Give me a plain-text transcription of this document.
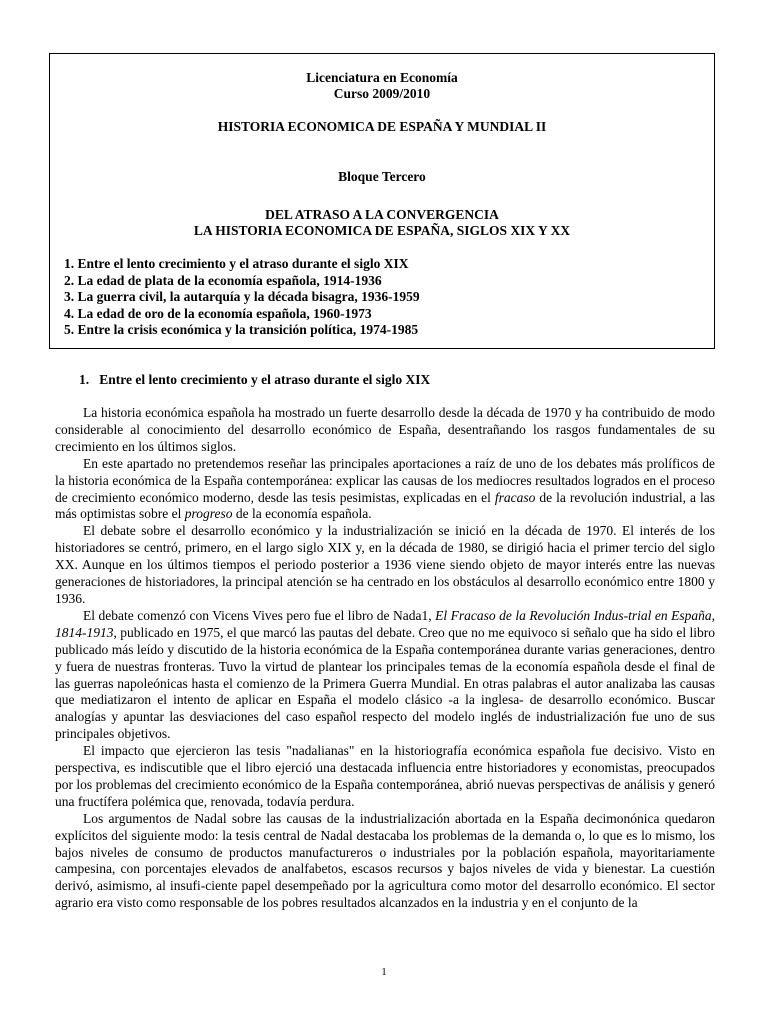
Licenciatura en Economía
Curso 2009/2010
HISTORIA ECONOMICA DE ESPAÑA Y MUNDIAL II
Bloque Tercero
DEL ATRASO A LA CONVERGENCIA
LA HISTORIA ECONOMICA DE ESPAÑA, SIGLOS XIX Y XX
1. Entre el lento crecimiento y el atraso durante el siglo XIX
2. La edad de plata de la economía española, 1914-1936
3. La guerra civil, la autarquía y la década bisagra, 1936-1959
4. La edad de oro de la economía española, 1960-1973
5. Entre la crisis económica y la transición política, 1974-1985
1.   Entre el lento crecimiento y el atraso durante el siglo XIX

La historia económica española ha mostrado un fuerte desarrollo desde la década de 1970 y ha contribuido de modo considerable al conocimiento del desarrollo económico de España, desentrañando los rasgos fundamentales de su crecimiento en los últimos siglos.

En este apartado no pretendemos reseñar las principales aportaciones a raíz de uno de los debates más prolíficos de la historia económica de la España contemporánea: explicar las causas de los mediocres resultados logrados en el proceso de crecimiento económico moderno, desde las tesis pesimistas, explicadas en el fracaso de la revolución industrial, a las más optimistas sobre el progreso de la economía española.

El debate sobre el desarrollo económico y la industrialización se inició en la década de 1970. El interés de los historiadores se centró, primero, en el largo siglo XIX y, en la década de 1980, se dirigió hacia el primer tercio del siglo XX. Aunque en los últimos tiempos el periodo posterior a 1936 viene siendo objeto de mayor interés entre las nuevas generaciones de historiadores, la principal atención se ha centrado en los obstáculos al desarrollo económico entre 1800 y 1936.

El debate comenzó con Vicens Vives pero fue el libro de Nada1, El Fracaso de la Revolución Indus-trial en España, 1814-1913, publicado en 1975, el que marcó las pautas del debate. Creo que no me equivoco si señalo que ha sido el libro publicado más leído y discutido de la historia económica de la España contemporánea durante varias generaciones, dentro y fuera de nuestras fronteras. Tuvo la virtud de plantear los principales temas de la economía española desde el final de las guerras napoleónicas hasta el comienzo de la Primera Guerra Mundial. En otras palabras el autor analizaba las causas que mediatizaron el intento de aplicar en España el modelo clásico -a la inglesa- de desarrollo económico. Buscar analogías y apuntar las desviaciones del caso español respecto del modelo inglés de industrialización fue uno de sus principales objetivos.

El impacto que ejercieron las tesis "nadalianas" en la historiografía económica española fue decisivo. Visto en perspectiva, es indiscutible que el libro ejerció una destacada influencia entre historiadores y economistas, preocupados por los problemas del crecimiento económico de la España contemporánea, abrió nuevas perspectivas de análisis y generó una fructífera polémica que, renovada, todavía perdura.

Los argumentos de Nadal sobre las causas de la industrialización abortada en la España decimonónica quedaron explícitos del siguiente modo: la tesis central de Nadal destacaba los problemas de la demanda o, lo que es lo mismo, los bajos niveles de consumo de productos manufactureros o industriales por la población española, mayoritariamente campesina, con porcentajes elevados de analfabetos, escasos recursos y bajos niveles de vida y bienestar. La cuestión derivó, asimismo, al insufi-ciente papel desempeñado por la agricultura como motor del desarrollo económico. El sector agrario era visto como responsable de los pobres resultados alcanzados en la industria y en el conjunto de la

1
